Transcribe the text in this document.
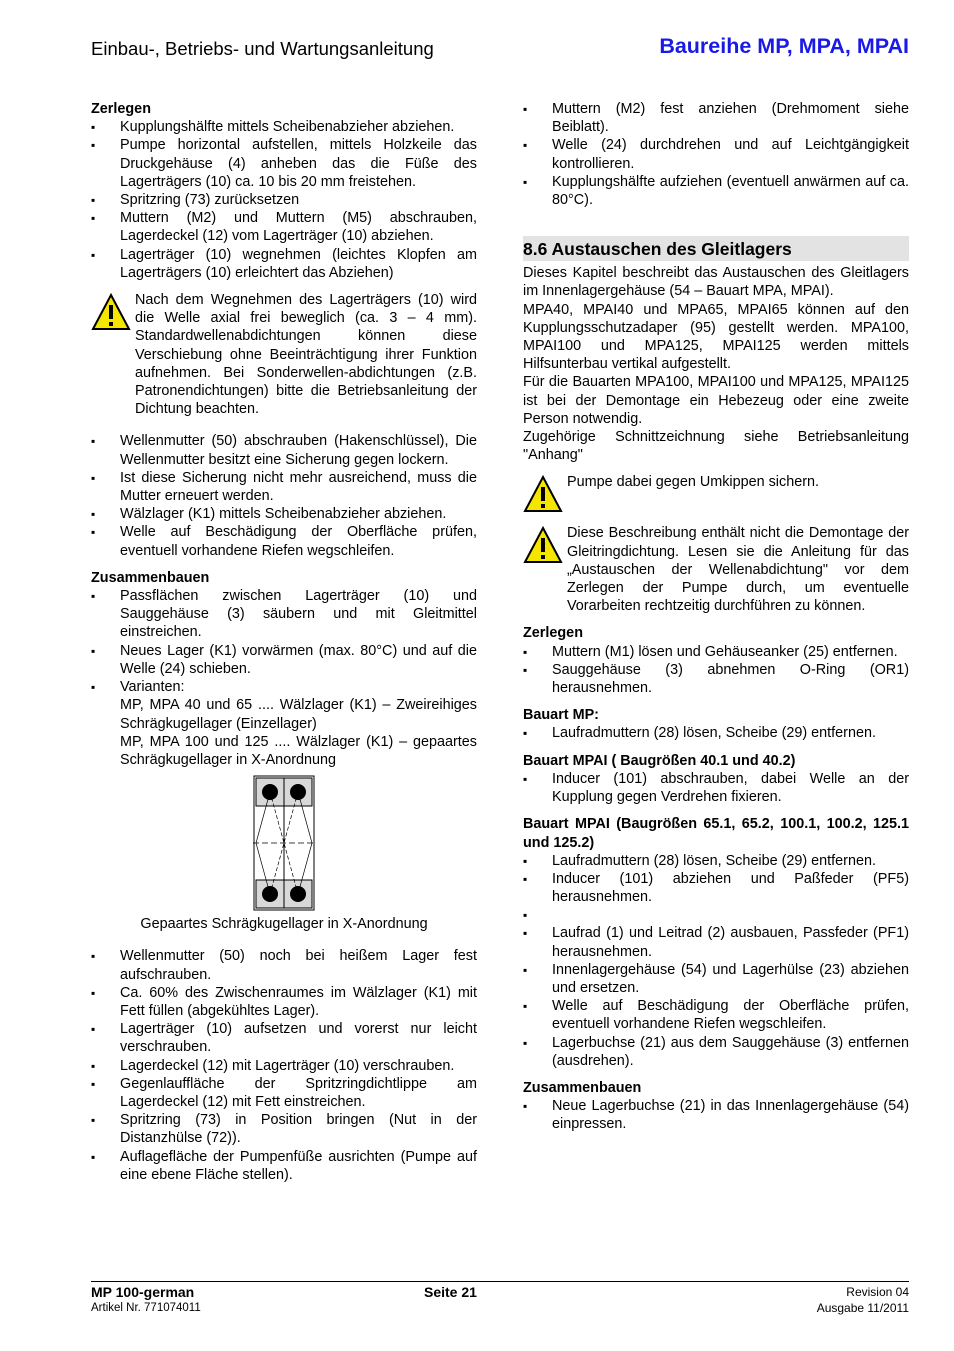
Einbau-, Betriebs- und Wartungsanleitung	Baureihe MP, MPA, MPAI

Zerlegen

▪ Kupplungshälfte mittels Scheibenabzieher abziehen.
▪ Pumpe horizontal aufstellen, mittels Holzkeile das Druckgehäuse (4) anheben das die Füße des Lagerträgers (10) ca. 10 bis 20 mm freistehen.
▪ Spritzring (73) zurücksetzen
▪ Muttern (M2) und Muttern (M5) abschrauben, Lagerdeckel (12) vom Lagerträger (10) abziehen.
▪ Lagerträger (10) wegnehmen (leichtes Klopfen am Lagerträgers (10) erleichtert das Abziehen)

Nach dem Wegnehmen des Lagerträgers (10) wird die Welle axial frei beweglich (ca. 3 – 4 mm). Standardwellenabdichtungen können diese Verschiebung ohne Beeinträchtigung ihrer Funktion aufnehmen. Bei Sonderwellen-abdichtungen (z.B. Patronendichtungen) bitte die Betriebsanleitung der Dichtung beachten.

▪ Wellenmutter (50) abschrauben (Hakenschlüssel), Die Wellenmutter besitzt eine Sicherung gegen lockern.
▪ Ist diese Sicherung nicht mehr ausreichend, muss die Mutter erneuert werden.
▪ Wälzlager (K1) mittels Scheibenabzieher abziehen.
▪ Welle auf Beschädigung der Oberfläche prüfen, eventuell vorhandene Riefen wegschleifen.

Zusammenbauen

▪ Passflächen zwischen Lagerträger (10) und Sauggehäuse (3) säubern und mit Gleitmittel einstreichen.
▪ Neues Lager (K1) vorwärmen (max. 80°C) und auf die Welle (24) schieben.
▪ Varianten:
MP, MPA 40 und 65 .... Wälzlager (K1) – Zweireihiges Schrägkugellager (Einzellager)
MP, MPA 100 und 125 .... Wälzlager (K1) – gepaartes Schrägkugellager in X-Anordnung
Gepaartes Schrägkugellager in X-Anordnung
▪ Wellenmutter (50) noch bei heißem Lager fest aufschrauben.
▪ Ca. 60% des Zwischenraumes im Wälzlager (K1) mit Fett füllen (abgekühltes Lager).
▪ Lagerträger (10) aufsetzen und vorerst nur leicht verschrauben.
▪ Lagerdeckel (12) mit Lagerträger (10) verschrauben.
▪ Gegenlauffläche der Spritzringdichtlippe am Lagerdeckel (12) mit Fett einstreichen.
▪ Spritzring (73) in Position bringen (Nut in der Distanzhülse (72)).
▪ Auflagefläche der Pumpenfüße ausrichten (Pumpe auf eine ebene Fläche stellen).
▪ Muttern (M2) fest anziehen (Drehmoment siehe Beiblatt).
▪ Welle (24) durchdrehen und auf Leichtgängigkeit kontrollieren.
▪ Kupplungshälfte aufziehen (eventuell anwärmen auf ca. 80°C).

8.6 Austauschen des Gleitlagers

Dieses Kapitel beschreibt das Austauschen des Gleitlagers im Innenlagergehäuse (54 – Bauart MPA, MPAI).

MPA40, MPAI40 und MPA65, MPAI65 können auf den Kupplungsschutzadaper (95) gestellt werden. MPA100, MPAI100 und MPA125, MPAI125 werden mittels Hilfsunterbau vertikal aufgestellt.

Für die Bauarten MPA100, MPAI100 und MPA125, MPAI125 ist bei der Demontage ein Hebezeug oder eine zweite Person notwendig.

Zugehörige Schnittzeichnung siehe Betriebsanleitung "Anhang"

Pumpe dabei gegen Umkippen sichern.

Diese Beschreibung enthält nicht die Demontage der Gleitringdichtung. Lesen sie die Anleitung für das „Austauschen der Wellenabdichtung" vor dem Zerlegen der Pumpe durch, um eventuelle Vorarbeiten rechtzeitig durchführen zu können.

Zerlegen

▪ Muttern (M1) lösen und Gehäuseanker (25) entfernen.
▪ Sauggehäuse (3) abnehmen O-Ring (OR1) herausnehmen.

Bauart MP:

▪ Laufradmuttern (28) lösen, Scheibe (29) entfernen.

Bauart MPAI ( Baugrößen 40.1 und 40.2)

▪ Inducer (101) abschrauben, dabei Welle an der Kupplung gegen Verdrehen fixieren.

Bauart MPAI (Baugrößen 65.1, 65.2, 100.1, 100.2, 125.1 und 125.2)

▪ Laufradmuttern (28) lösen, Scheibe (29) entfernen.
▪ Inducer (101) abziehen und Paßfeder (PF5) herausnehmen.
▪
▪ Laufrad (1) und Leitrad (2) ausbauen, Passfeder (PF1) herausnehmen.
▪ Innenlagergehäuse (54) und Lagerhülse (23) abziehen und ersetzen.
▪ Welle auf Beschädigung der Oberfläche prüfen, eventuell vorhandene Riefen wegschleifen.
▪ Lagerbuchse (21) aus dem Sauggehäuse (3) entfernen (ausdrehen).

Zusammenbauen

▪ Neue Lagerbuchse (21) in das Innenlagergehäuse (54) einpressen.
MP 100-german
Artikel Nr. 771074011
Seite 21	Revision 04
Ausgabe 11/2011
